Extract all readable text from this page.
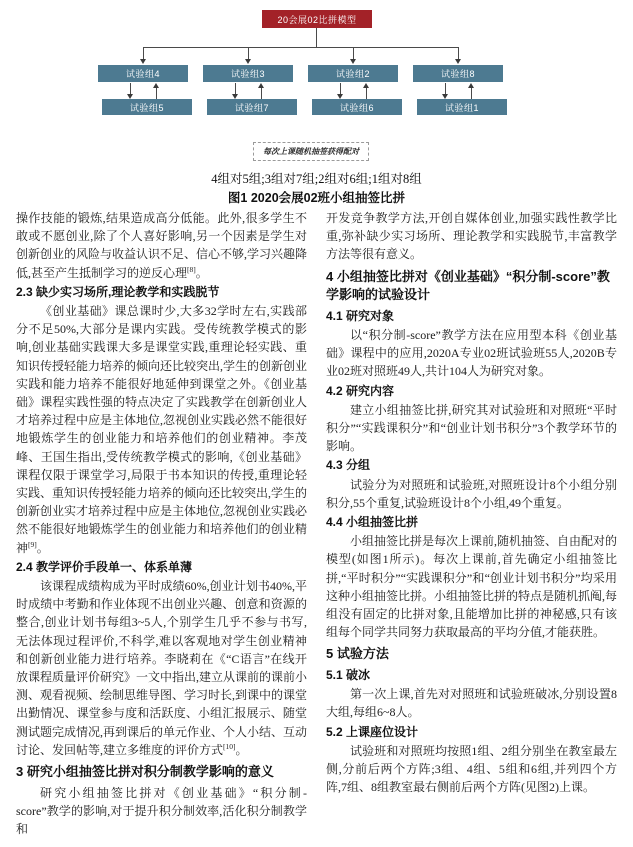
20会展02比拼模型
试验组4
试验组5
试验组3
试验组7
试验组2
试验组6
试验组8
试验组1
每次上课随机抽签获得配对
4组对5组;3组对7组;2组对6组;1组对8组
图1 2020会展02班小组抽签比拼

操作技能的锻炼,结果造成高分低能。此外,很多学生不敢或不愿创业,除了个人喜好影响,另一个因素是学生对创新创业的风险与收益认识不足、信心不够,学习兴趣降低,甚至产生抵制学习的逆反心理[8]。

2.3 缺少实习场所,理论教学和实践脱节

《创业基础》课总课时少,大多32学时左右,实践部分不足50%,大部分是课内实践。受传统教学模式的影响,创业基础实践课大多是课堂实践,重理论轻实践、重知识传授轻能力培养的倾向还比较突出,学生的创新创业实践和能力培养不能很好地延伸到课堂之外。《创业基础》课程实践性强的特点决定了实践教学在创新创业人才培养过程中应是主体地位,忽视创业实践必然不能很好地锻炼学生的创业能力和培养他们的创业精神。李茂峰、王国生指出,受传统教学模式的影响,《创业基础》课程仅限于课堂学习,局限于书本知识的传授,重理论轻实践、重知识传授轻能力培养的倾向还比较突出,学生的创新创业实才培养过程中应是主体地位,忽视创业实践必然不能很好地锻炼学生的创业能力和培养他们的创业精神[9]。

2.4 教学评价手段单一、体系单薄

该课程成绩构成为平时成绩60%,创业计划书40%,平时成绩中考勤和作业体现不出创业兴趣、创意和资源的整合,创业计划书每组3~5人,个别学生几乎不参与书写,无法体现过程评价,不科学,难以客观地对学生创业精神和创新创业能力进行培养。李晓莉在《“C语言”在线开放课程质量评价研究》一文中指出,建立从课前的课前小测、观看视频、绘制思维导图、学习时长,到课中的课堂出勤情况、课堂参与度和活跃度、小组汇报展示、随堂测试题完成情况,再到课后的单元作业、个人小结、互动讨论、发回帖等,建立多维度的评价方式[10]。

3 研究小组抽签比拼对积分制教学影响的意义

研究小组抽签比拼对《创业基础》“积分制-score”教学的影响,对于提升积分制效率,活化积分制教学和

开发竞争教学方法,开创自媒体创业,加强实践性教学比重,弥补缺少实习场所、理论教学和实践脱节,丰富教学方法等很有意义。

4 小组抽签比拼对《创业基础》“积分制-score”教学影响的试验设计
4.1 研究对象

以“积分制-score”教学方法在应用型本科《创业基础》课程中的应用,2020A专业02班试验班55人,2020B专业02班对照班49人,共计104人为研究对象。

4.2 研究内容

建立小组抽签比拼,研究其对试验班和对照班“平时积分”“实践课积分”和“创业计划书积分”3个教学环节的影响。

4.3 分组

试验分为对照班和试验班,对照班设计8个小组分别积分,55个重复,试验班设计8个小组,49个重复。

4.4 小组抽签比拼

小组抽签比拼是每次上课前,随机抽签、自由配对的模型(如图1所示)。每次上课前,首先确定小组抽签比拼,“平时积分”“实践课积分”和“创业计划书积分”均采用这种小组抽签比拼。小组抽签比拼的特点是随机抓阄,每组没有固定的比拼对象,且能增加比拼的神秘感,只有该组每个同学共同努力获取最高的平均分值,才能获胜。

5 试验方法
5.1 破冰

第一次上课,首先对对照班和试验班破冰,分别设置8大组,每组6~8人。

5.2 上课座位设计

试验班和对照班均按照1组、2组分别坐在教室最左侧,分前后两个方阵;3组、4组、5组和6组,并列四个方阵,7组、8组教室最右侧前后两个方阵(见图2)上课。
